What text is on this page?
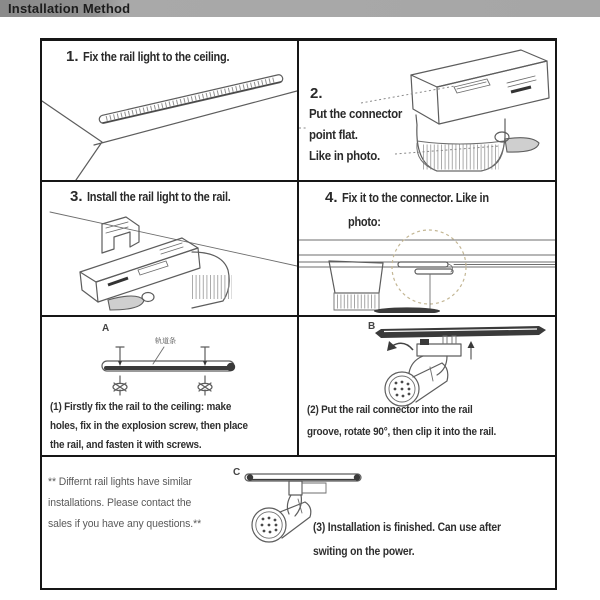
Installation Method
1. Fix the rail light to the ceiling.
2.
Put the connector
point flat.
Like in photo.
3. Install the rail light to the rail.	4. Fix it to the connector. Like in
photo:
A
轨道条
(1) Firstly fix the rail to the ceiling: make
holes, fix in the explosion screw, then place
the rail, and fasten it with screws.
B
(2) Put the rail connector into the rail
groove, rotate 90°, then clip it into the rail.
** Differnt rail lights have similar
installations. Please contact the
sales if you have any questions.**
C
(3) Installation is finished. Can use after
switing on the power.
